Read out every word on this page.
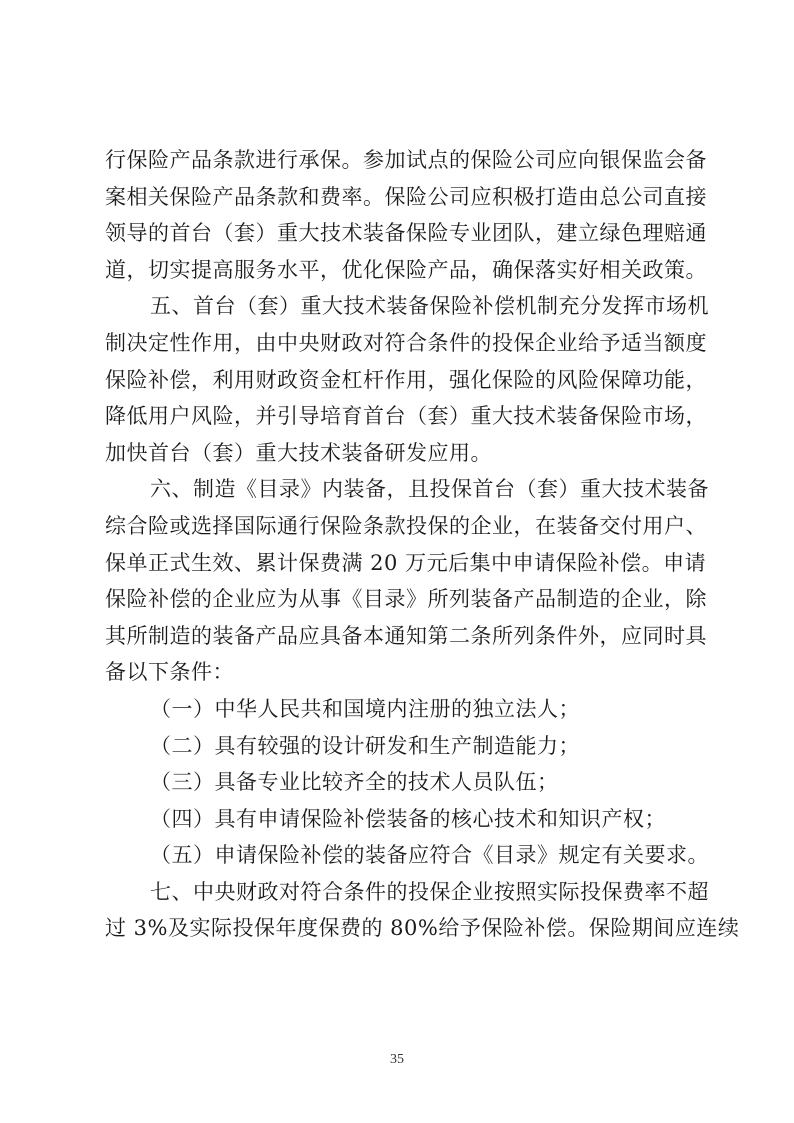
行保险产品条款进行承保。参加试点的保险公司应向银保监会备
案相关保险产品条款和费率。保险公司应积极打造由总公司直接
领导的首台（套）重大技术装备保险专业团队，建立绿色理赔通
道，切实提高服务水平，优化保险产品，确保落实好相关政策。
五、首台（套）重大技术装备保险补偿机制充分发挥市场机
制决定性作用，由中央财政对符合条件的投保企业给予适当额度
保险补偿，利用财政资金杠杆作用，强化保险的风险保障功能，
降低用户风险，并引导培育首台（套）重大技术装备保险市场，
加快首台（套）重大技术装备研发应用。
六、制造《目录》内装备，且投保首台（套）重大技术装备
综合险或选择国际通行保险条款投保的企业，在装备交付用户、
保单正式生效、累计保费满 20 万元后集中申请保险补偿。申请
保险补偿的企业应为从事《目录》所列装备产品制造的企业，除
其所制造的装备产品应具备本通知第二条所列条件外，应同时具
备以下条件：
（一）中华人民共和国境内注册的独立法人；
（二）具有较强的设计研发和生产制造能力；
（三）具备专业比较齐全的技术人员队伍；
（四）具有申请保险补偿装备的核心技术和知识产权；
（五）申请保险补偿的装备应符合《目录》规定有关要求。
七、中央财政对符合条件的投保企业按照实际投保费率不超
过 3%及实际投保年度保费的 80%给予保险补偿。保险期间应连续
35
